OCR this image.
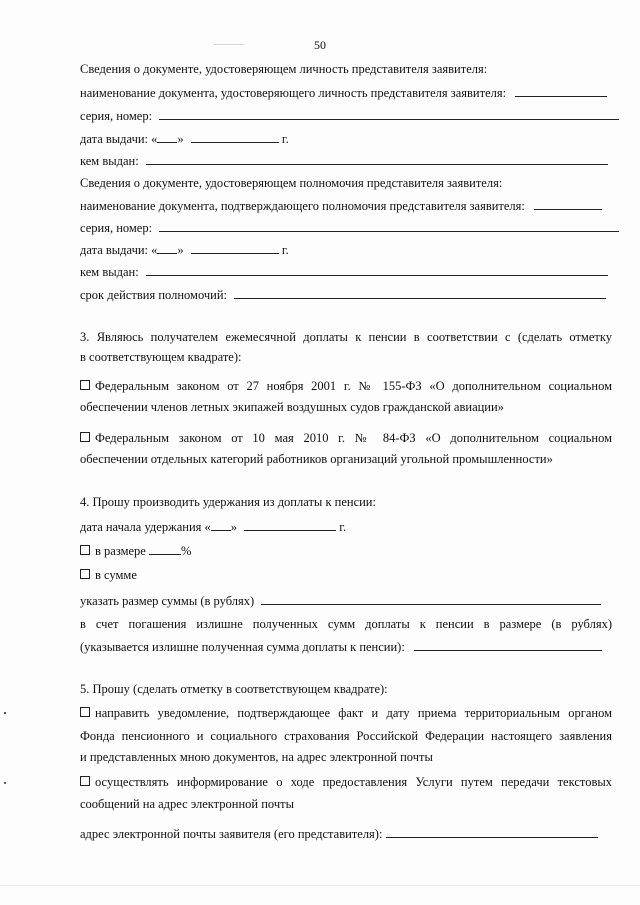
50
Сведения о документе, удостоверяющем личность представителя заявителя:
наименование документа, удостоверяющего личность представителя заявителя:
серия, номер:
дата выдачи: « »	г.
кем выдан:
Сведения о документе, удостоверяющем полномочия представителя заявителя:
наименование документа, подтверждающего полномочия представителя заявителя:
серия, номер:
дата выдачи: « »	г.
кем выдан:
срок действия полномочий:
3. Являюсь получателем ежемесячной доплаты к пенсии в соответствии с (сделать отметку
в соответствующем квадрате):
Федеральным законом от 27 ноября 2001 г. № 155-ФЗ «О дополнительном социальном
обеспечении членов летных экипажей воздушных судов гражданской авиации»
Федеральным законом от 10 мая 2010 г. № 84-ФЗ «О дополнительном социальном
обеспечении отдельных категорий работников организаций угольной промышленности»
4. Прошу производить удержания из доплаты к пенсии:
дата начала удержания « »	г.
в размере	%
в сумме
указать размер суммы (в рублях)
в счет погашения излишне полученных сумм доплаты к пенсии в размере (в рублях)
(указывается излишне полученная сумма доплаты к пенсии):
5. Прошу (сделать отметку в соответствующем квадрате):
направить уведомление, подтверждающее факт и дату приема территориальным органом
Фонда пенсионного и социального страхования Российской Федерации настоящего заявления
и представленных мною документов, на адрес электронной почты
осуществлять информирование о ходе предоставления Услуги путем передачи текстовых
сообщений на адрес электронной почты
адрес электронной почты заявителя (его представителя):
